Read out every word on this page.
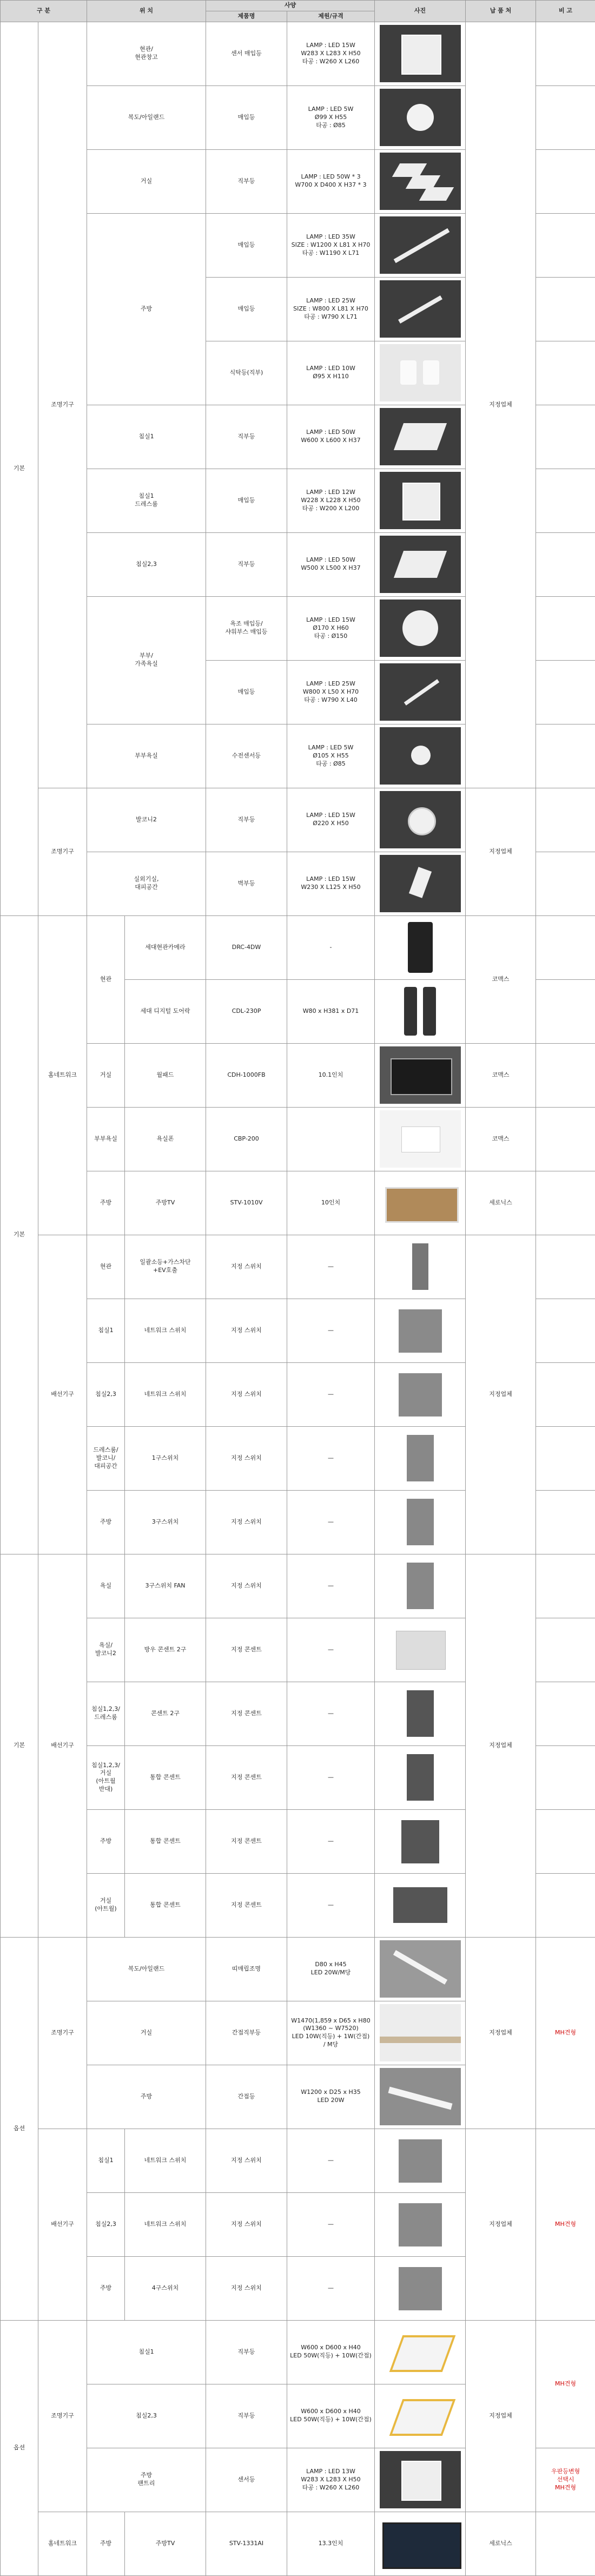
구 분		위 치		사양		사진	납 품 처	비 고	
				제품명	제원/규격				
기본	조명기구	현관/
현관창고		센서 매입등	LAMP : LED 15W
W283 X L283 X H50
타공 : W260 X L260		지정업체		
		복도/아일랜드		매입등	LAMP : LED 5W
Ø99 X H55
타공 : Ø85			

		거실		직부등	LAMP : LED 50W * 3
W700 X D400 X H37 * 3			

		주방		매입등	LAMP : LED 35W
SIZE : W1200 X L81 X H70
타공 : W1190 X L71			

				매입등	LAMP : LED 25W
SIZE : W800 X L81 X H70
타공 : W790 X L71			

				식탁등(직부)	LAMP : LED 10W
Ø95 X H110			

		침실1		직부등	LAMP : LED 50W
W600 X L600 X H37			

		침실1
드레스룸		매입등	LAMP : LED 12W
W228 X L228 X H50
타공 : W200 X L200			

		침실2,3		직부등	LAMP : LED 50W
W500 X L500 X H37			

		부부/
가족욕실		욕조 매입등/
샤워부스 매입등	LAMP : LED 15W
Ø170 X H60
타공 : Ø150			

				매입등	LAMP : LED 25W
W800 X L50 X H70
타공 : W790 X L40			

		부부욕실		수전센서등	LAMP : LED 5W
Ø105 X H55
타공 : Ø85			

	조명기구	발코니2		직부등	LAMP : LED 15W
Ø220 X H50		지정업체		
		실외기실,
대피공간		벽부등	LAMP : LED 15W
W230 X L125 X H50			

기본	홈네트워크	현관	세대현관카메라	DRC-4DW	-		코맥스		
			세대 디지털 도어락	CDL-230P	W80 x H381 x D71			

		거실	월패드	CDH-1000FB	10.1인치		코맥스		
		부부욕실	욕실폰	CBP-200			코맥스		
		주방	주방TV	STV-1010V	10인치		세로닉스		
	배선기구	현관	일괄소등+가스차단
+EV호출	지정 스위치	—		지정업체		
		침실1	네트워크 스위치	지정 스위치	—			

		침실2,3	네트워크 스위치	지정 스위치	—			

		드레스룸/
발코니/
대피공간	1구스위치	지정 스위치	—			

		주방	3구스위치	지정 스위치	—			

기본	배선기구	욕실	3구스위치 FAN	지정 스위치	—		지정업체		
		욕실/
발코니2	방우 콘센트 2구	지정 콘센트	—			

		침실1,2,3/
드레스룸	콘센트 2구	지정 콘센트	—			

		침실1,2,3/
거실
(아트월
반대)	통합 콘센트	지정 콘센트	—			

		주방	통합 콘센트	지정 콘센트	—			

		거실
(아트월)	통합 콘센트	지정 콘센트	—			

옵션	조명기구	복도/아일랜드		띠매립조명	D80 x H45
LED 20W/M당		지정업체	MH견형	
		거실		간접직부등	W1470(1,859 x D65 x H80
(W1360 ~ W7520)
LED 10W(직등) + 1W(간접)
/ M당			

		주방		간접등	W1200 x D25 x H35
LED 20W			

	배선기구	침실1	네트워크 스위치	지정 스위치	—		지정업체	MH견형	
		침실2,3	네트워크 스위치	지정 스위치	—			

		주방	4구스위치	지정 스위치	—			

옵션	조명기구	침실1		직부등	W600 x D600 x H40
LED 50W(직등) + 10W(간접)		지정업체	MH견형	
		침실2,3		직부등	W600 x D600 x H40
LED 50W(직등) + 10W(간접)				

		주방
팬트리		센서등	LAMP : LED 13W
W283 X L283 X H50
타공 : W260 X L260			우판등변형
선택시
MH견형	
	홈네트워크	주방	주방TV	STV-1331AI	13.3인치		세로닉스		
